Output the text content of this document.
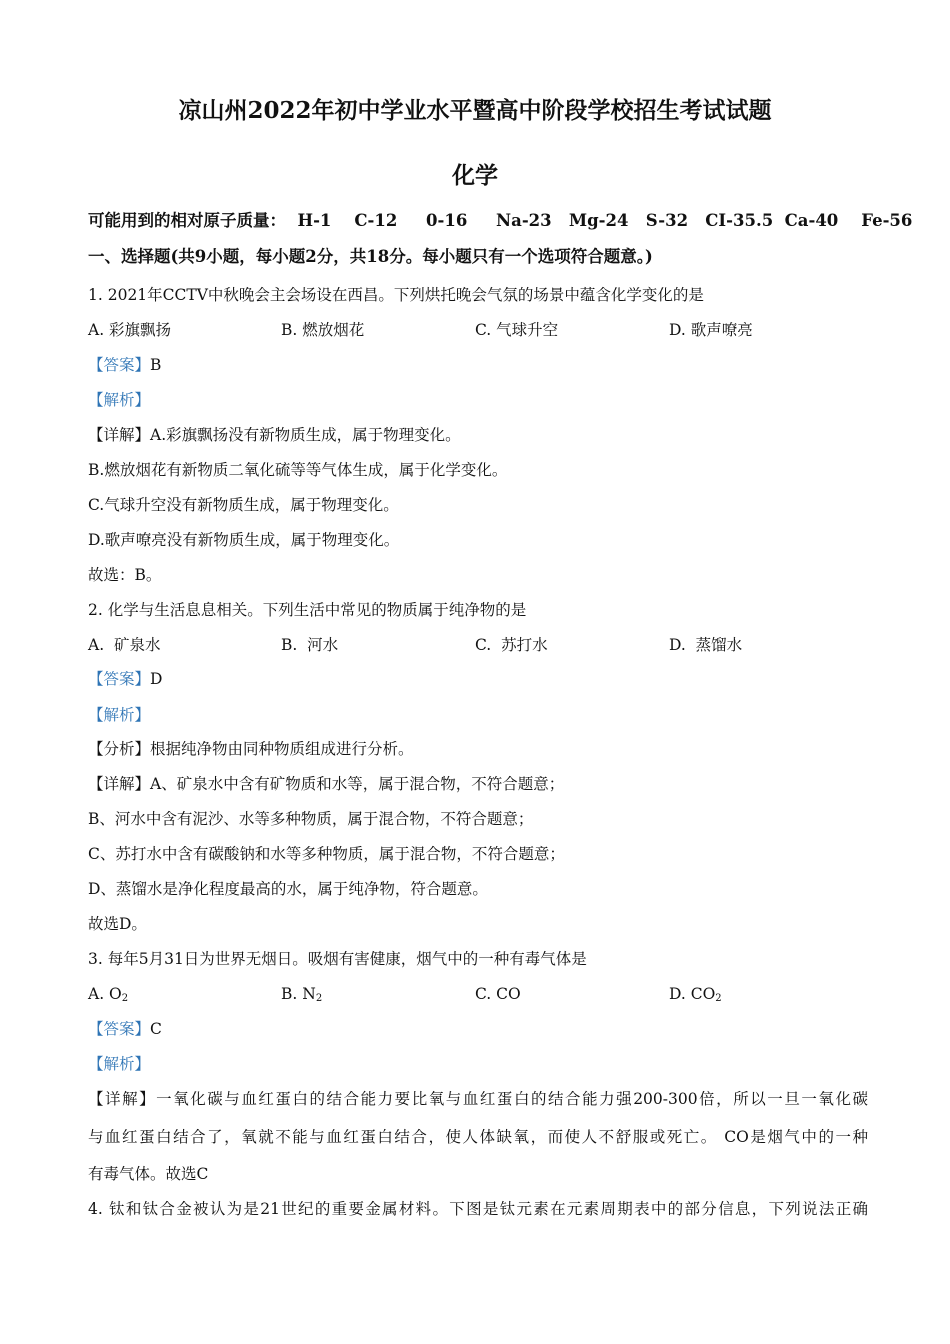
凉山州2022年初中学业水平暨高中阶段学校招生考试试题
化学
可能用到的相对原子质量：  H-1    C-12     0-16     Na-23   Mg-24   S-32   CI-35.5  Ca-40    Fe-56
一、选择题(共9小题，每小题2分，共18分。每小题只有一个选项符合题意。)
1. 2021年CCTV中秋晚会主会场设在西昌。下列烘托晚会气氛的场景中蕴含化学变化的是
A. 彩旗飘扬	B. 燃放烟花	C. 气球升空	D. 歌声嘹亮
【答案】B
【解析】
【详解】A.彩旗飘扬没有新物质生成，属于物理变化。
B.燃放烟花有新物质二氧化硫等等气体生成，属于化学变化。
C.气球升空没有新物质生成，属于物理变化。
D.歌声嘹亮没有新物质生成，属于物理变化。
故选：B。
2. 化学与生活息息相关。下列生活中常见的物质属于纯净物的是
A.  矿泉水	B.  河水	C.  苏打水	D.  蒸馏水
【答案】D
【解析】
【分析】根据纯净物由同种物质组成进行分析。
【详解】A、矿泉水中含有矿物质和水等，属于混合物，不符合题意；
B、河水中含有泥沙、水等多种物质，属于混合物，不符合题意；
C、苏打水中含有碳酸钠和水等多种物质，属于混合物，不符合题意；
D、蒸馏水是净化程度最高的水，属于纯净物，符合题意。
故选D。
3. 每年5月31日为世界无烟日。吸烟有害健康，烟气中的一种有毒气体是
A. $O_2$	B. $N_2$	C. CO	D. $CO_2$
【答案】C
【解析】
【详解】一氧化碳与血红蛋白的结合能力要比氧与血红蛋白的结合能力强200-300倍，所以一旦一氧化碳
与血红蛋白结合了，氧就不能与血红蛋白结合，使人体缺氧，而使人不舒服或死亡。 CO是烟气中的一种
有毒气体。故选C
4. 钛和钛合金被认为是21世纪的重要金属材料。下图是钛元素在元素周期表中的部分信息，下列说法正确
